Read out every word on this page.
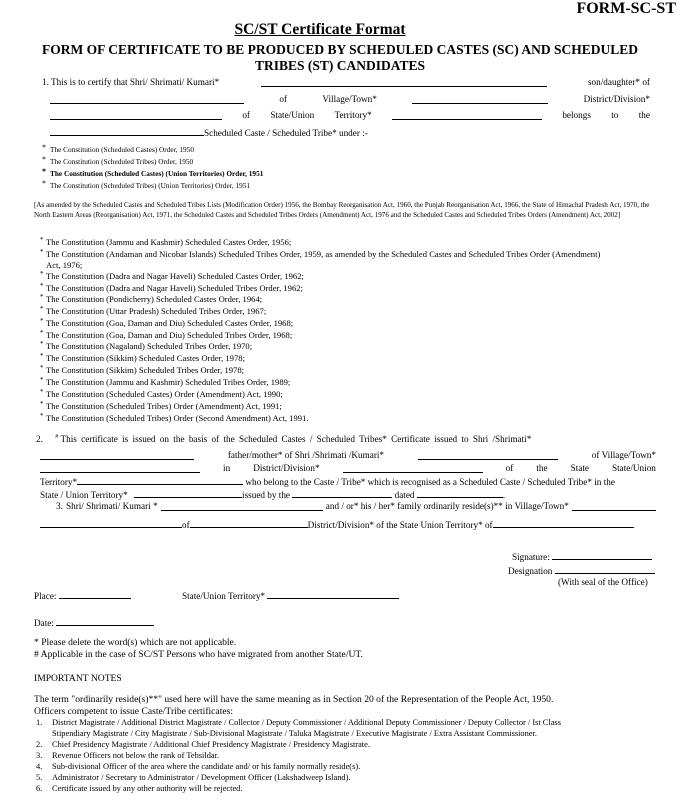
FORM-SC-ST
SC/ST Certificate Format
FORM OF CERTIFICATE TO BE PRODUCED BY SCHEDULED CASTES (SC) AND SCHEDULED TRIBES (ST) CANDIDATES
1. This is to certify that Shri/ Shrimati/ Kumari*	son/daughter* of
of	Village/Town*	District/Division*
of State/Union Territory*	belongs to the
Scheduled Caste / Scheduled Tribe* under :-
* The Constitution (Scheduled Castes) Order, 1950
* The Constitution (Scheduled Tribes) Order, 1950
* The Constitution (Scheduled Castes) (Union Territories) Order, 1951
* The Constitution (Scheduled Tribes) (Union Territories) Order, 1951
[As amended by the Scheduled Castes and Scheduled Tribes Lists (Modification Order) 1956, the Bombay Reorganisation Act, 1960, the Punjab Reorganisation Act, 1966, the State of Himachal Pradesh Act, 1970, the North Eastern Areas (Reorganisation) Act, 1971, the Scheduled Castes and Scheduled Tribes Orders (Amendment) Act, 1976 and the Scheduled Castes and Scheduled Tribes Orders (Amendment) Act, 2002]
* The Constitution (Jammu and Kashmir) Scheduled Castes Order, 1956;
* The Constitution (Andaman and Nicobar Islands) Scheduled Tribes Order, 1959, as amended by the Scheduled Castes and Scheduled Tribes Order (Amendment)
Act, 1976;
* The Constitution (Dadra and Nagar Haveli) Scheduled Castes Order, 1962;
* The Constitution (Dadra and Nagar Haveli) Scheduled Tribes Order, 1962;
* The Constitution (Pondicherry) Scheduled Castes Order, 1964;
* The Constitution (Uttar Pradesh) Scheduled Tribes Order, 1967;
* The Constitution (Goa, Daman and Diu) Scheduled Castes Order, 1968;
* The Constitution (Goa, Daman and Diu) Scheduled Tribes Order, 1968;
* The Constitution (Nagaland) Scheduled Tribes Order, 1970;
* The Constitution (Sikkim) Scheduled Castes Order, 1978;
* The Constitution (Sikkim) Scheduled Tribes Order, 1978;
* The Constitution (Jammu and Kashmir) Scheduled Tribes Order, 1989;
* The Constitution (Scheduled Castes) Order (Amendment) Act, 1990;
* The Constitution (Scheduled Tribes) Order (Amendment) Act, 1991;
* The Constitution (Scheduled Tribes) Order (Second Amendment) Act, 1991.
2. # This certificate is issued on the basis of the Scheduled Castes / Scheduled Tribes* Certificate issued to Shri /Shrimati*
father/mother* of Shri /Shrimati /Kumari*	of Village/Town*
in	District/Division*	of	the	State	State/Union
Territory*	who belong to the Caste / Tribe* which is recognised as a Scheduled Caste / Scheduled Tribe* in the
State / Union Territory*	issued by the	dated	.
3. Shri/ Shrimati/ Kumari *	and / or* his / her* family ordinarily reside(s)** in Village/Town*
of	District/Division* of the State Union Territory* of	.
Signature:
Designation
(With seal of the Office)
Place:	State/Union Territory*
Date:
* Please delete the word(s) which are not applicable.
# Applicable in the case of SC/ST Persons who have migrated from another State/UT.
IMPORTANT NOTES
The term "ordinarily reside(s)**" used here will have the same meaning as in Section 20 of the Representation of the People Act, 1950.
Officers competent to issue Caste/Tribe certificates:
1. District Magistrate / Additional District Magistrate / Collector / Deputy Commissioner / Additional Deputy Commissioner / Deputy Collector / Ist Class
Stipendiary Magistrate / City Magistrate / Sub-Divisional Magistrate / Taluka Magistrate / Executive Magistrate / Extra Assistant Commissioner.
2. Chief Presidency Magistrate / Additional Chief Presidency Magistrate / Presidency Magistrate.
3. Revenue Officers not below the rank of Tehsildar.
4. Sub-divisional Officer of the area where the candidate and/ or his family normally reside(s).
5. Administrator / Secretary to Administrator / Development Officer (Lakshadweep Island).
6. Certificate issued by any other authority will be rejected.
